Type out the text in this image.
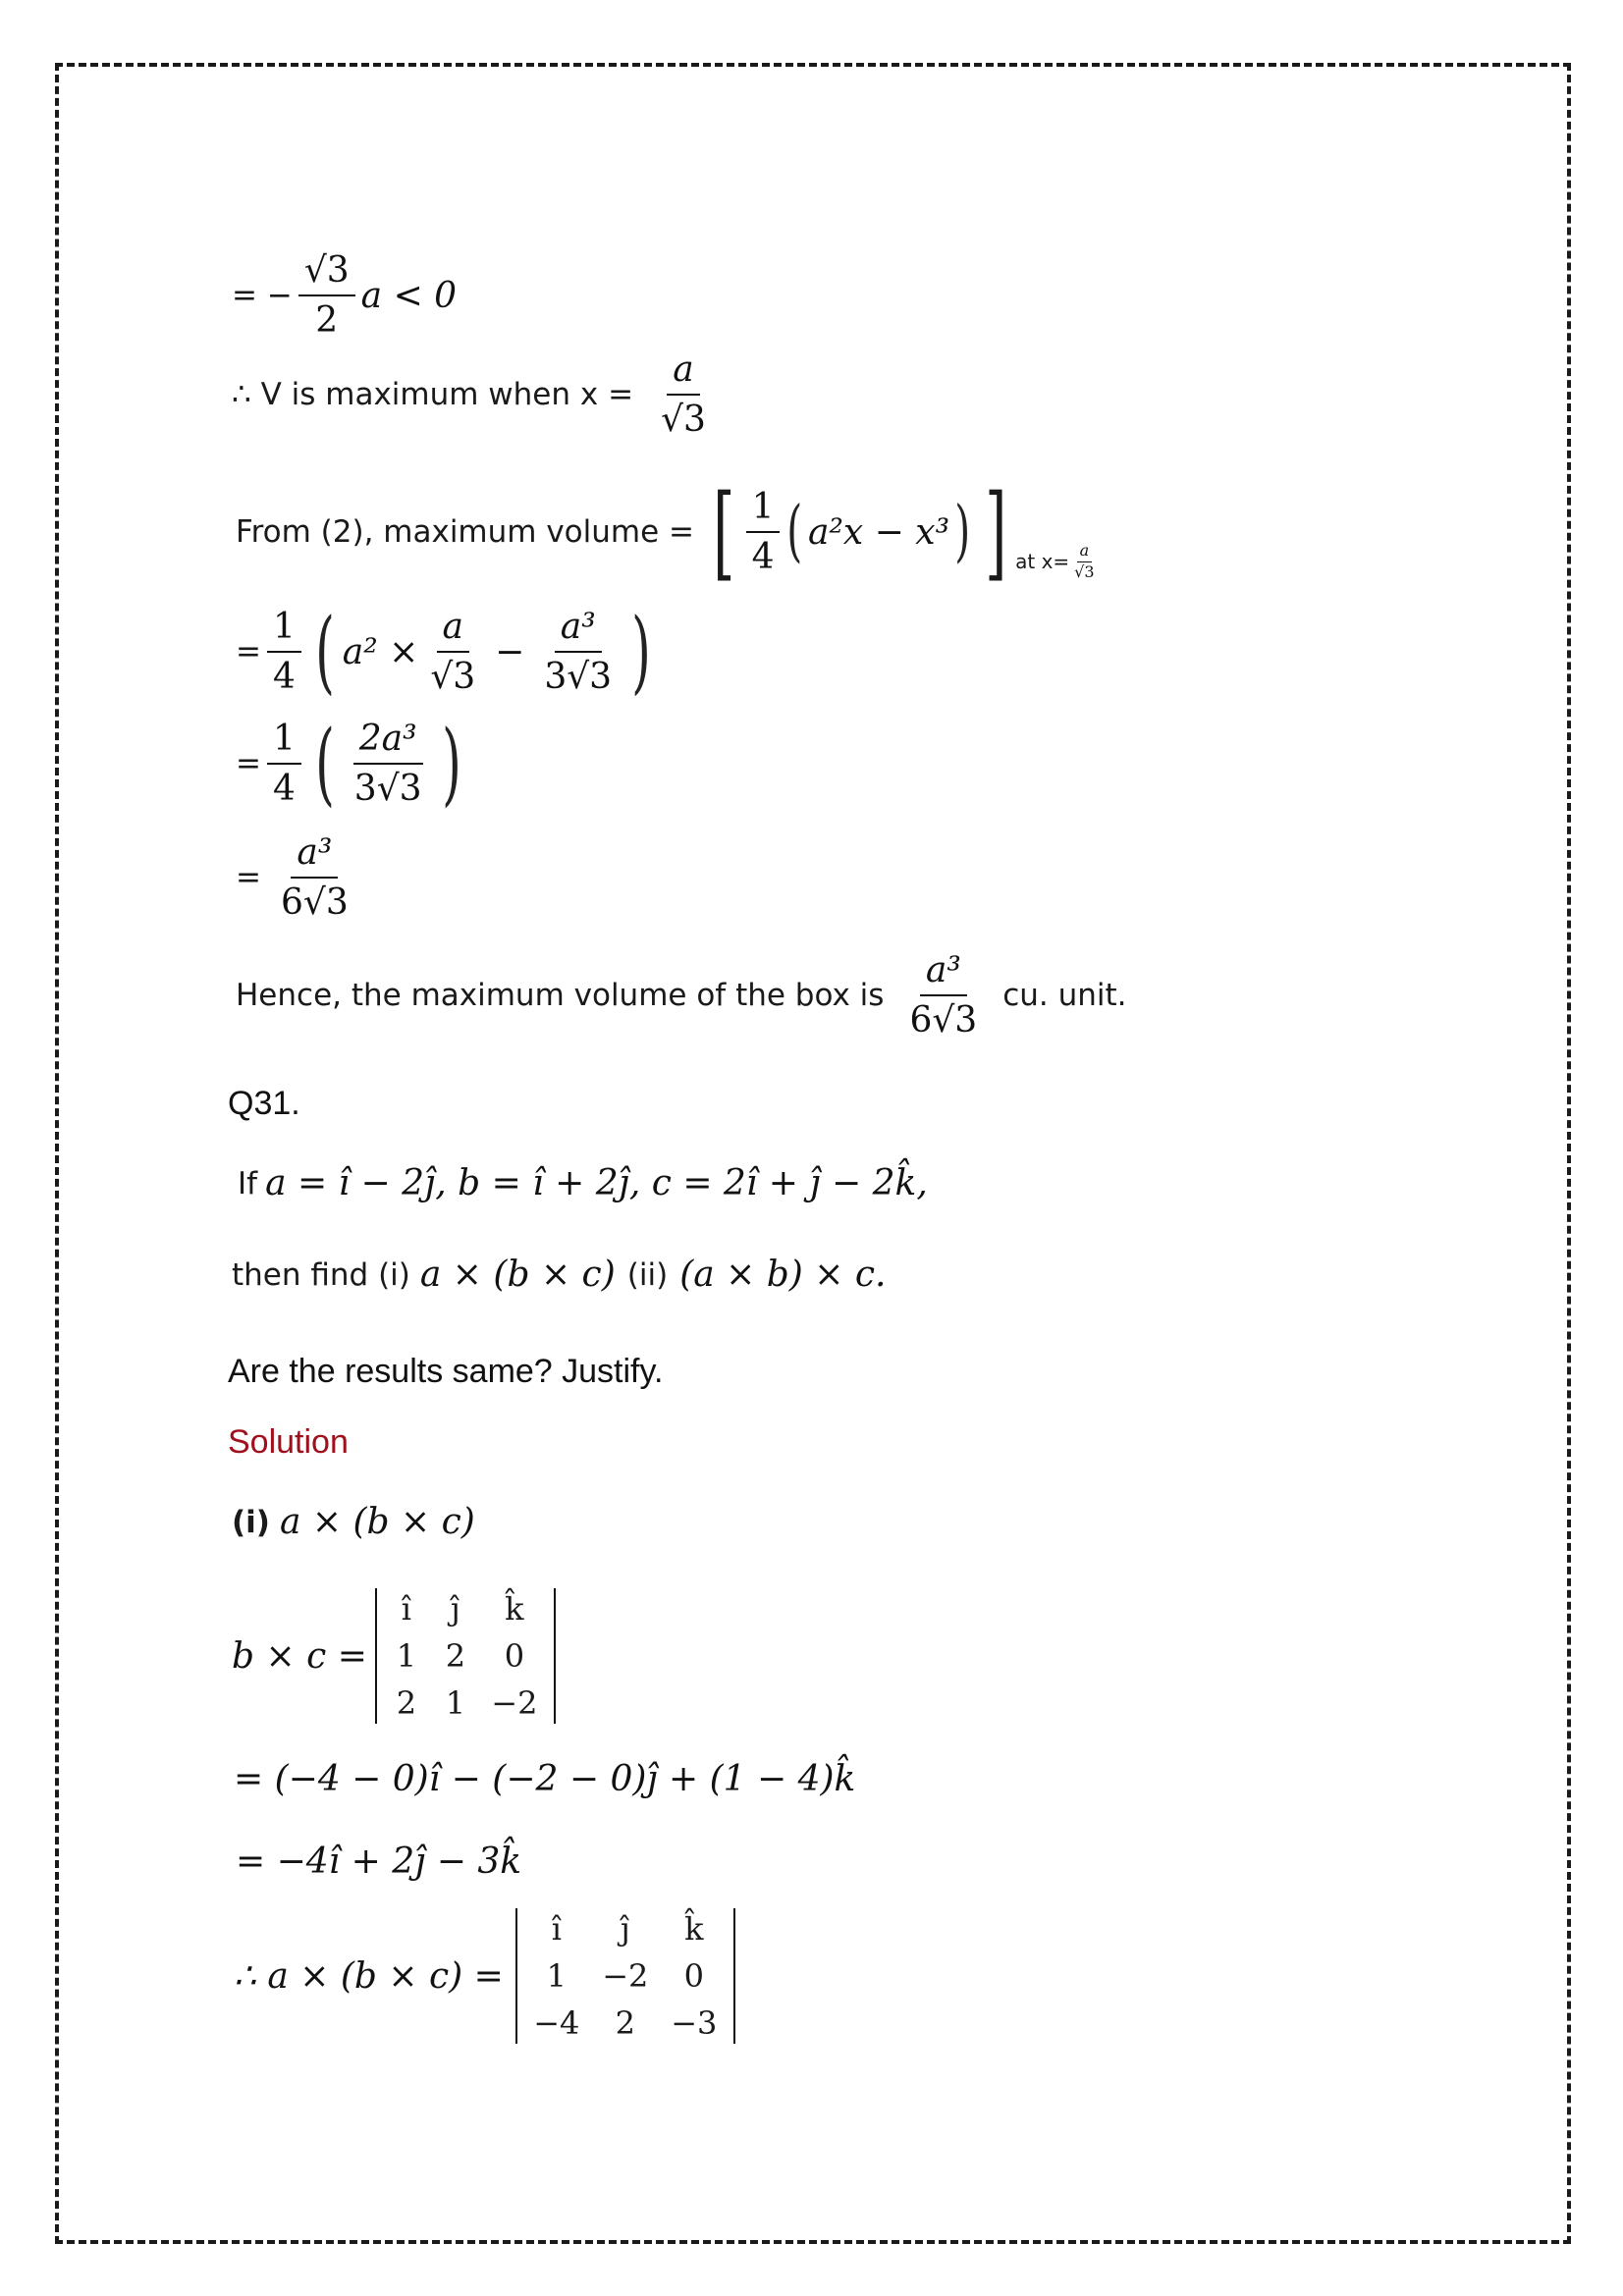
= − $\frac{√3}{2}$ a < 0
∴ V is maximum when $x = \frac{a}{√3}$
From (2), maximum volume = [ $\frac{1}{4}$ ( a²x − x³ ) ] at $x= \frac{a}{√3}$
= $\frac{1}{4}$ ( $a^2 \times \frac{a}{√3} - \frac{\text{a³}}{3√3}$ )
= $\frac{1}{4}$ ( $\frac{\text{2a³}}{3√3}$ )
= $\frac{\text{a³}}{6√3}$
Hence, the maximum volume of the box is $\frac{\text{a³}}{6√3}$ cu. unit.
Q31.
If a = î − 2ĵ, b = î + 2ĵ, c = 2î + ĵ − 2k̂,
then find (i) a × (b × c) (ii) (a × b) × c.
Are the results same? Justify.
Solution
(i) a × (b × c)
b × c =
î	ĵ	k̂
1 2	0
2 1 −2
= (−4 − 0)î − (−2 − 0)ĵ + (1 − 4)k̂
= −4î + 2ĵ − 3k̂
∴ a × (b × c) =
î	ĵ	k̂
1	−2	0
−4	2	−3
